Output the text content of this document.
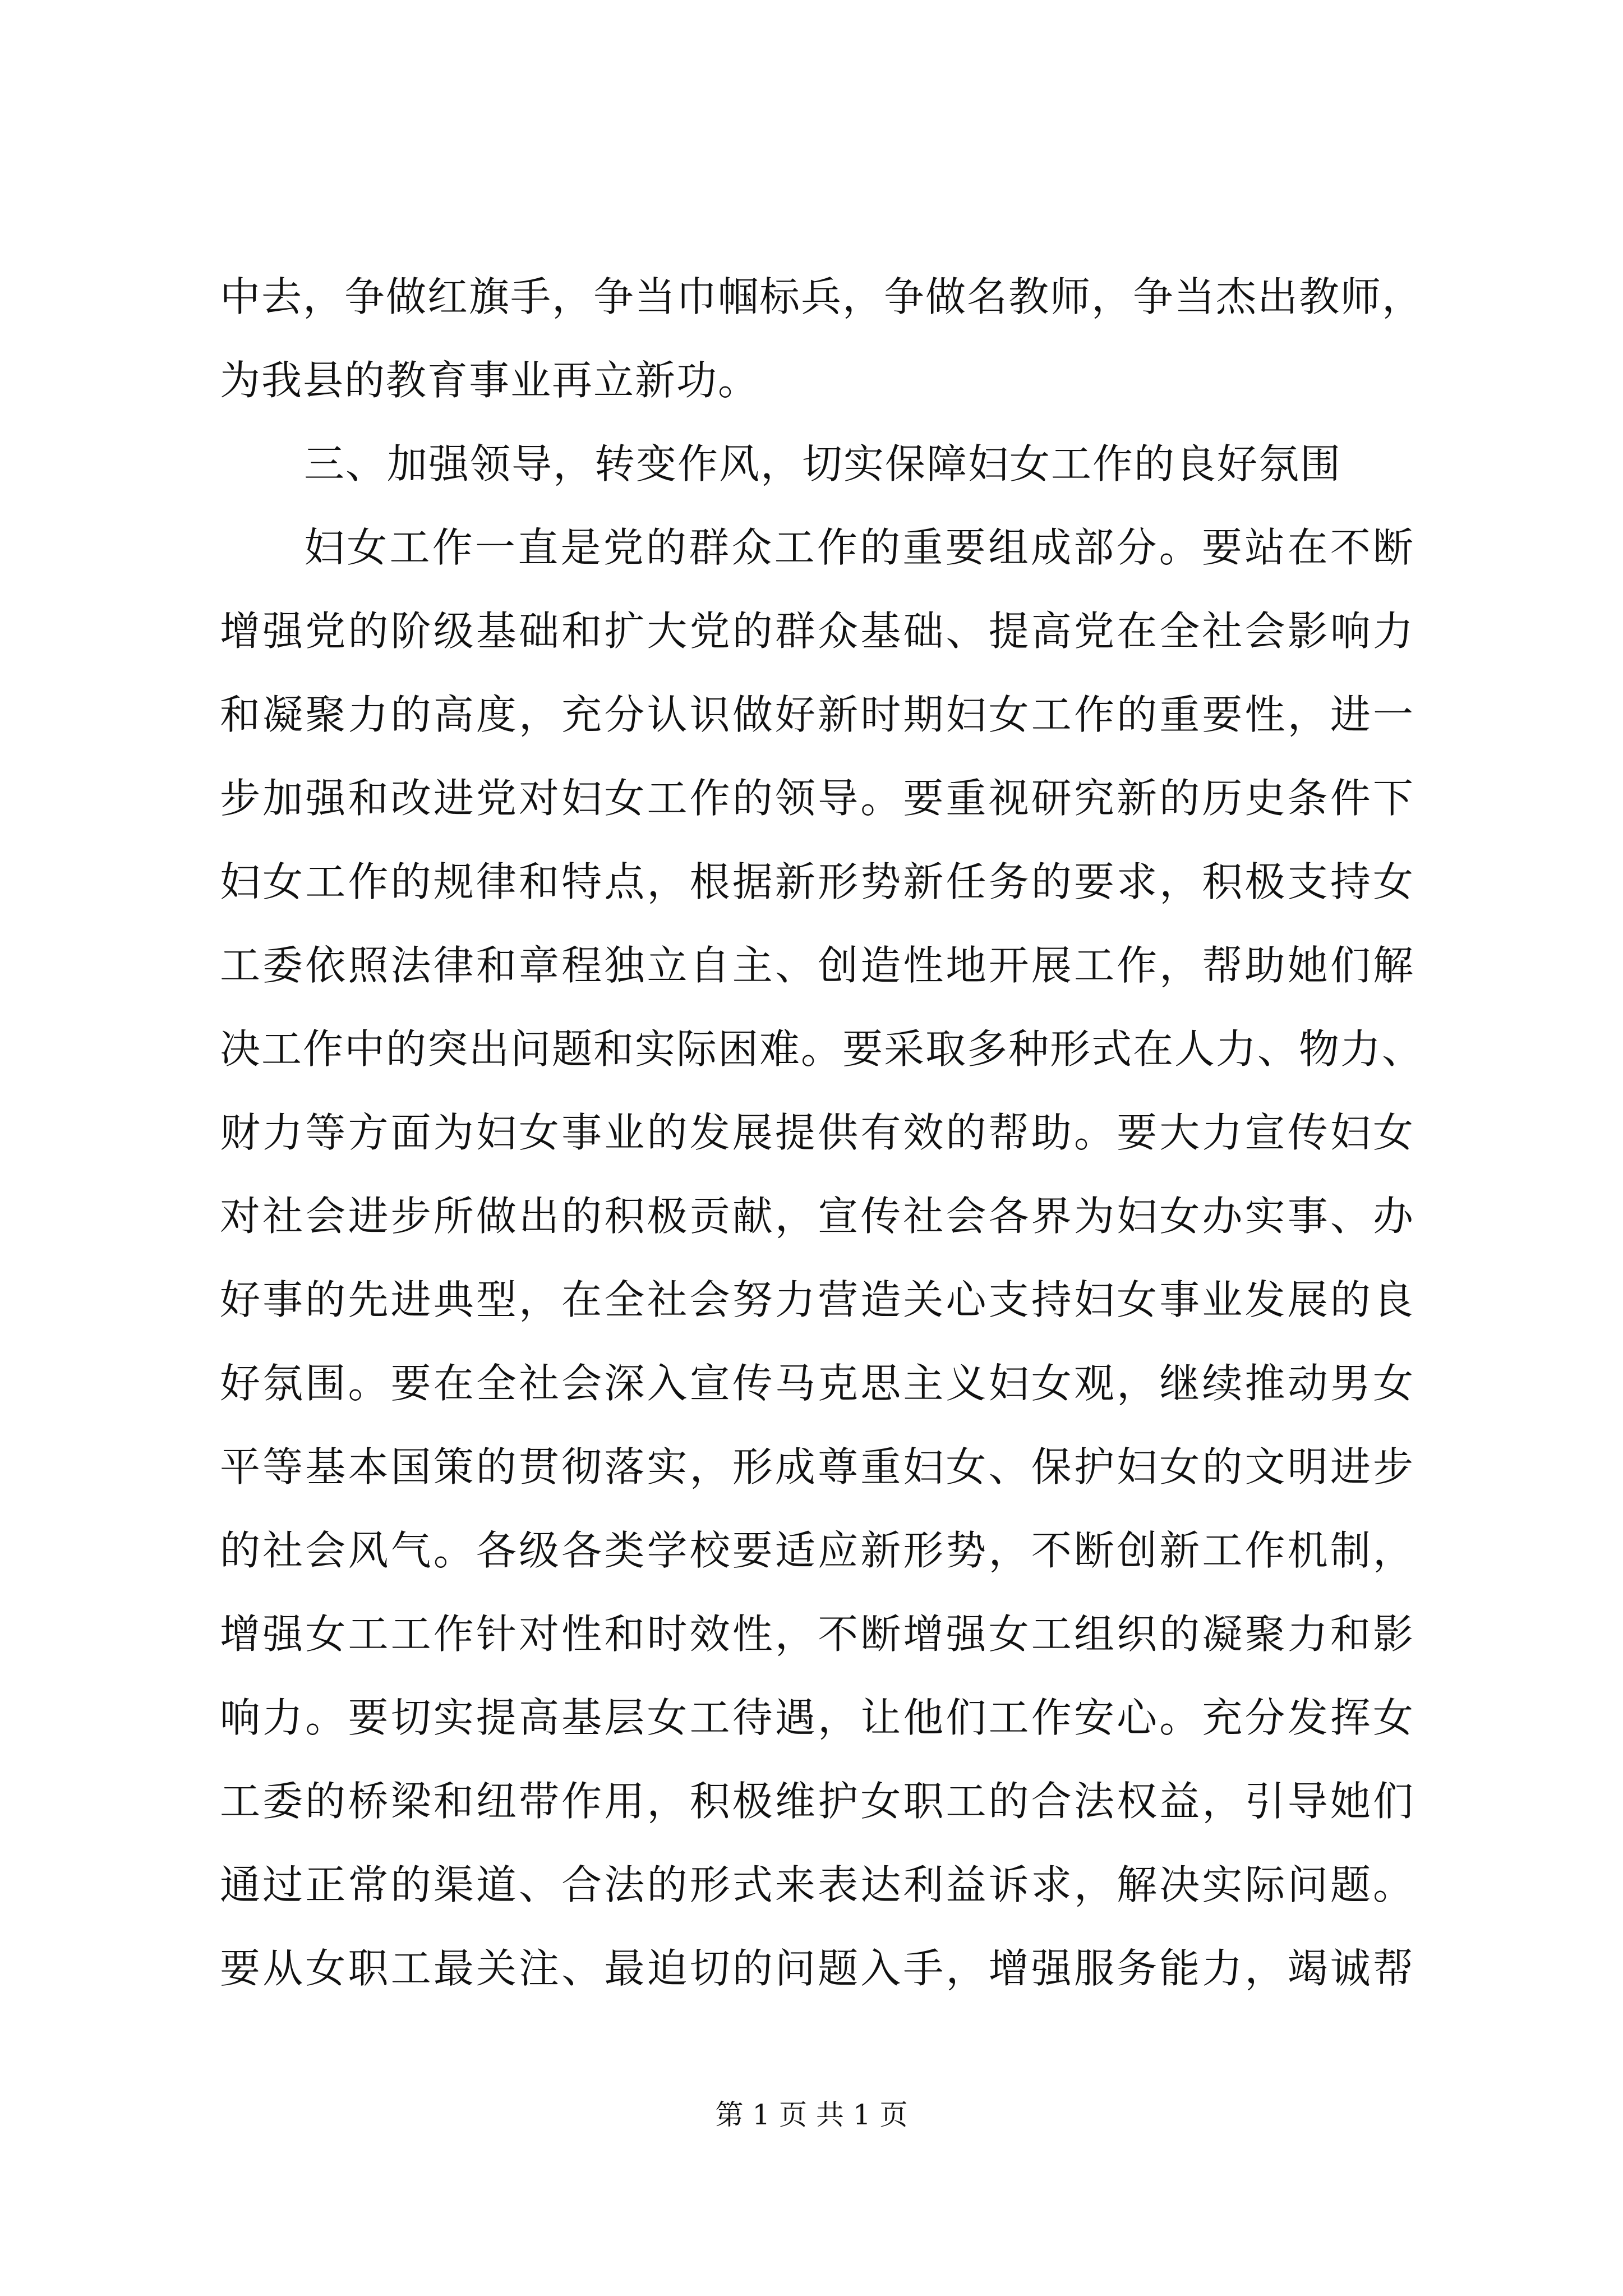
中去，争做红旗手，争当巾帼标兵，争做名教师，争当杰出教师，
为我县的教育事业再立新功。
三、加强领导，转变作风，切实保障妇女工作的良好氛围
妇女工作一直是党的群众工作的重要组成部分。要站在不断
增强党的阶级基础和扩大党的群众基础、提高党在全社会影响力
和凝聚力的高度，充分认识做好新时期妇女工作的重要性，进一
步加强和改进党对妇女工作的领导。要重视研究新的历史条件下
妇女工作的规律和特点，根据新形势新任务的要求，积极支持女
工委依照法律和章程独立自主、创造性地开展工作，帮助她们解
决工作中的突出问题和实际困难。要采取多种形式在人力、物力、
财力等方面为妇女事业的发展提供有效的帮助。要大力宣传妇女
对社会进步所做出的积极贡献，宣传社会各界为妇女办实事、办
好事的先进典型，在全社会努力营造关心支持妇女事业发展的良
好氛围。要在全社会深入宣传马克思主义妇女观，继续推动男女
平等基本国策的贯彻落实，形成尊重妇女、保护妇女的文明进步
的社会风气。各级各类学校要适应新形势，不断创新工作机制，
增强女工工作针对性和时效性，不断增强女工组织的凝聚力和影
响力。要切实提高基层女工待遇，让他们工作安心。充分发挥女
工委的桥梁和纽带作用，积极维护女职工的合法权益，引导她们
通过正常的渠道、合法的形式来表达利益诉求，解决实际问题。
要从女职工最关注、最迫切的问题入手，增强服务能力，竭诚帮
第 1 页 共 1 页
